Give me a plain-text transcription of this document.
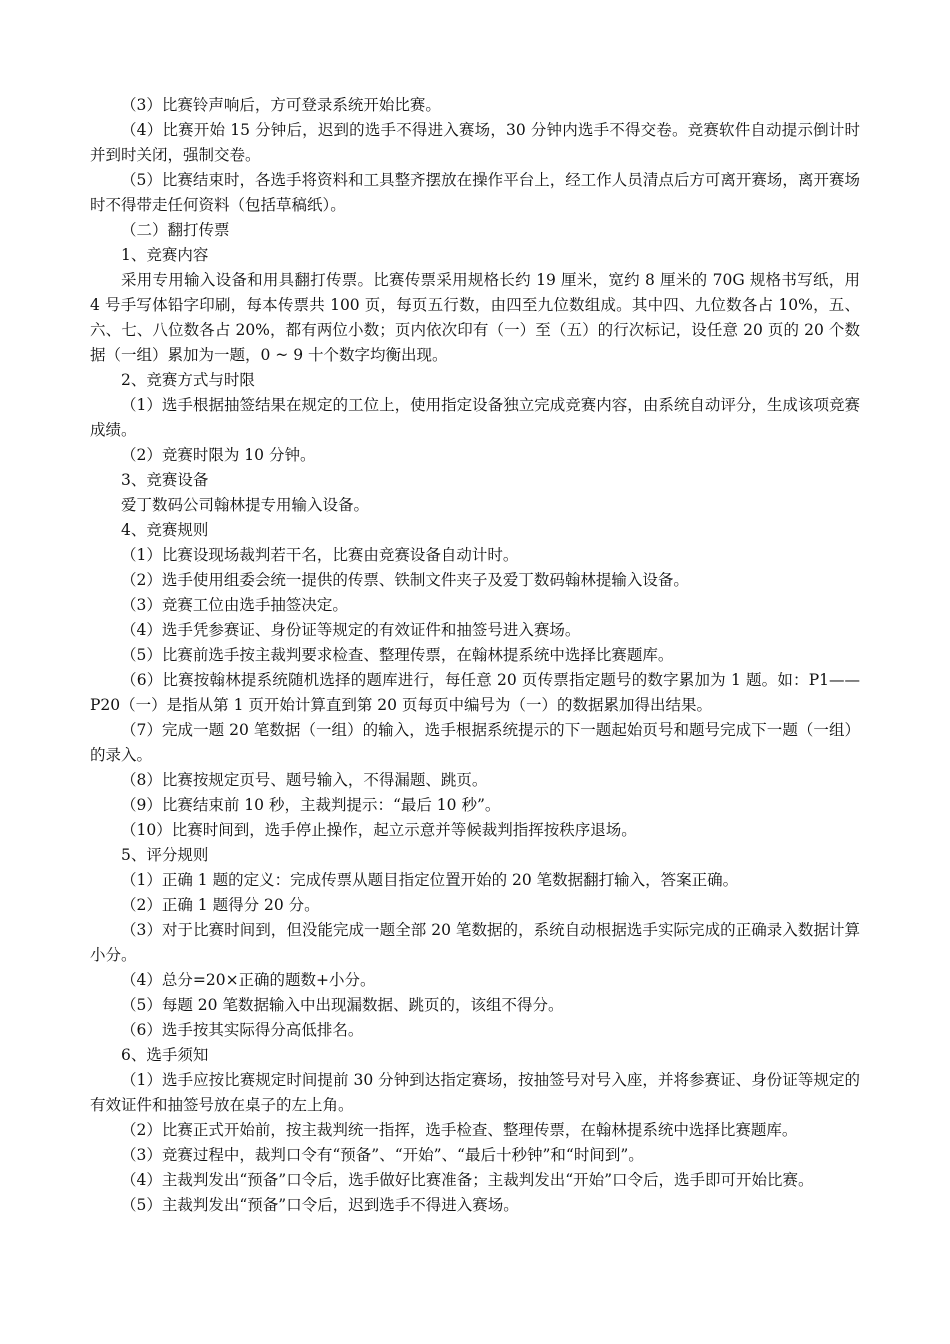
（3）比赛铃声响后，方可登录系统开始比赛。

（4）比赛开始 15 分钟后，迟到的选手不得进入赛场，30 分钟内选手不得交卷。竞赛软件自动提示倒计时并到时关闭，强制交卷。

（5）比赛结束时，各选手将资料和工具整齐摆放在操作平台上，经工作人员清点后方可离开赛场，离开赛场时不得带走任何资料（包括草稿纸）。

（二）翻打传票

1、竞赛内容

采用专用输入设备和用具翻打传票。比赛传票采用规格长约 19 厘米，宽约 8 厘米的 70G 规格书写纸，用 4 号手写体铅字印刷，每本传票共 100 页，每页五行数，由四至九位数组成。其中四、九位数各占 10%，五、六、七、八位数各占 20%，都有两位小数；页内依次印有（一）至（五）的行次标记，设任意 20 页的 20 个数据（一组）累加为一题，0 ~ 9 十个数字均衡出现。

2、竞赛方式与时限

（1）选手根据抽签结果在规定的工位上，使用指定设备独立完成竞赛内容，由系统自动评分，生成该项竞赛成绩。

（2）竞赛时限为 10 分钟。

3、竞赛设备

爱丁数码公司翰林提专用输入设备。

4、竞赛规则

（1）比赛设现场裁判若干名，比赛由竞赛设备自动计时。

（2）选手使用组委会统一提供的传票、铁制文件夹子及爱丁数码翰林提输入设备。

（3）竞赛工位由选手抽签决定。

（4）选手凭参赛证、身份证等规定的有效证件和抽签号进入赛场。

（5）比赛前选手按主裁判要求检查、整理传票，在翰林提系统中选择比赛题库。

（6）比赛按翰林提系统随机选择的题库进行，每任意 20 页传票指定题号的数字累加为 1 题。如：P1——P20（一）是指从第 1 页开始计算直到第 20 页每页中编号为（一）的数据累加得出结果。

（7）完成一题 20 笔数据（一组）的输入，选手根据系统提示的下一题起始页号和题号完成下一题（一组）的录入。

（8）比赛按规定页号、题号输入，不得漏题、跳页。

（9）比赛结束前 10 秒，主裁判提示：“最后 10 秒”。

（10）比赛时间到，选手停止操作，起立示意并等候裁判指挥按秩序退场。

5、评分规则

（1）正确 1 题的定义：完成传票从题目指定位置开始的 20 笔数据翻打输入，答案正确。

（2）正确 1 题得分 20 分。

（3）对于比赛时间到，但没能完成一题全部 20 笔数据的，系统自动根据选手实际完成的正确录入数据计算小分。

（4）总分=20×正确的题数+小分。

（5）每题 20 笔数据输入中出现漏数据、跳页的，该组不得分。

（6）选手按其实际得分高低排名。

6、选手须知

（1）选手应按比赛规定时间提前 30 分钟到达指定赛场，按抽签号对号入座，并将参赛证、身份证等规定的有效证件和抽签号放在桌子的左上角。

（2）比赛正式开始前，按主裁判统一指挥，选手检查、整理传票，在翰林提系统中选择比赛题库。

（3）竞赛过程中，裁判口令有“预备”、“开始”、“最后十秒钟”和“时间到”。

（4）主裁判发出“预备”口令后，选手做好比赛准备；主裁判发出“开始”口令后，选手即可开始比赛。

（5）主裁判发出“预备”口令后，迟到选手不得进入赛场。
